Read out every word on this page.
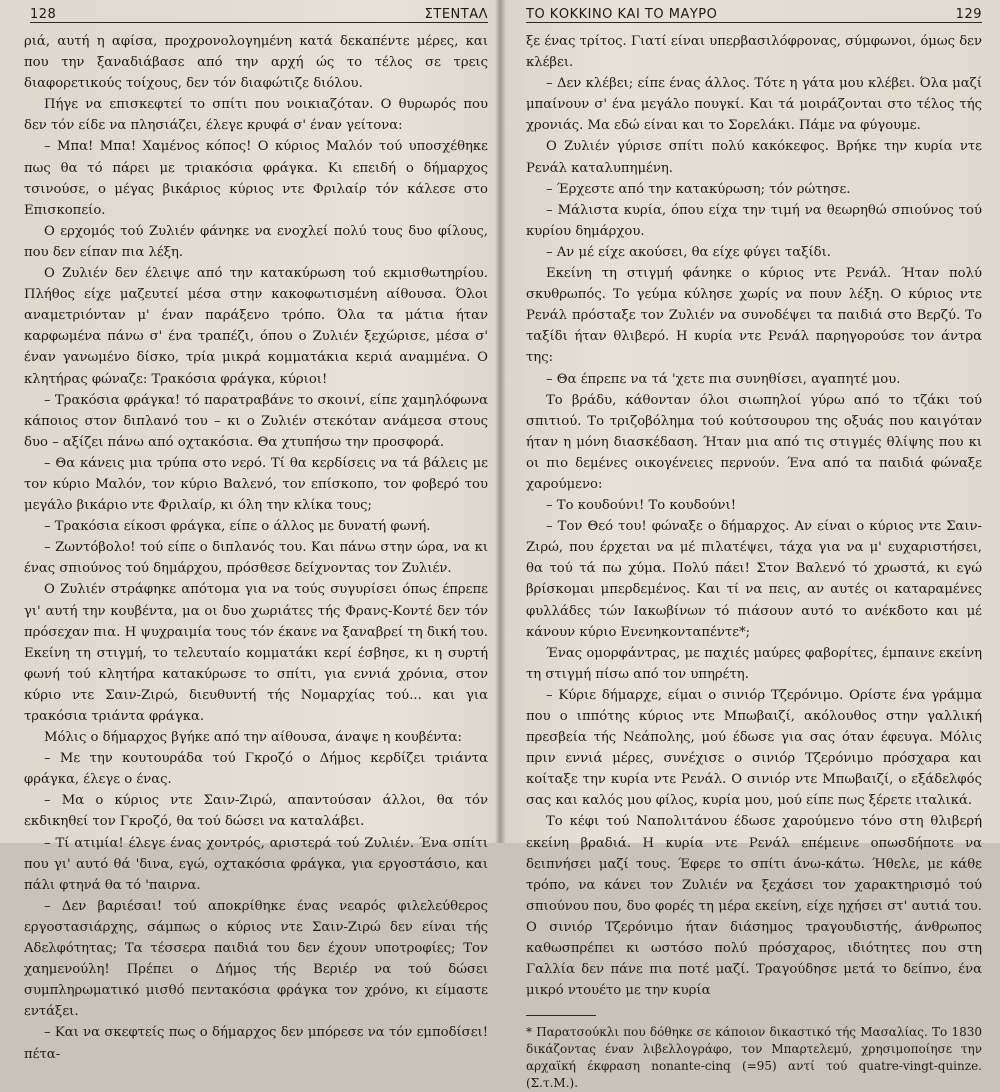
128	ΣΤΕΝΤΑΛ

ριά, αυτή η αφίσα, προχρονολογημένη κατά δεκαπέντε μέρες, και που την ξαναδιάβασε από την αρχή ώς το τέλος σε τρεις διαφορετικούς τοίχους, δεν τόν διαφώτιζε διόλου.

Πήγε να επισκεφτεί το σπίτι που νοικιαζόταν. Ο θυρωρός που δεν τόν είδε να πλησιάζει, έλεγε κρυφά σ' έναν γείτονα:

– Μπα! Μπα! Χαμένος κόπος! Ο κύριος Μαλόν τού υποσχέθηκε πως θα τό πάρει με τριακόσια φράγκα. Κι επειδή ο δήμαρχος τσινούσε, ο μέγας βικάριος κύριος ντε Φριλαίρ τόν κάλεσε στο Επισκοπείο.

Ο ερχομός τού Ζυλιέν φάνηκε να ενοχλεί πολύ τους δυο φίλους, που δεν είπαν πια λέξη.

Ο Ζυλιέν δεν έλειψε από την κατακύρωση τού εκμισθωτηρίου. Πλήθος είχε μαζευτεί μέσα στην κακοφωτισμένη αίθουσα. Όλοι αναμετριόνταν μ' έναν παράξενο τρόπο. Όλα τα μάτια ήταν καρφωμένα πάνω σ' ένα τραπέζι, όπου ο Ζυλιέν ξεχώρισε, μέσα σ' έναν γανωμένο δίσκο, τρία μικρά κομματάκια κεριά αναμμένα. Ο κλητήρας φώναζε: Τρακόσια φράγκα, κύριοι!

– Τρακόσια φράγκα! τό παρατραβάνε το σκοινί, είπε χαμηλόφωνα κάποιος στον διπλανό του – κι ο Ζυλιέν στεκόταν ανάμεσα στους δυο – αξίζει πάνω από οχτακόσια. Θα χτυπήσω την προσφορά.

– Θα κάνεις μια τρύπα στο νερό. Τί θα κερδίσεις να τά βάλεις με τον κύριο Μαλόν, τον κύριο Βαλενό, τον επίσκοπο, τον φοβερό του μεγάλο βικάριο ντε Φριλαίρ, κι όλη την κλίκα τους;

– Τρακόσια είκοσι φράγκα, είπε ο άλλος με δυνατή φωνή.

– Ζωντόβολο! τού είπε ο διπλανός του. Και πάνω στην ώρα, να κι ένας σπιούνος τού δημάρχου, πρόσθεσε δείχνοντας τον Ζυλιέν.

Ο Ζυλιέν στράφηκε απότομα για να τούς συγυρίσει όπως έπρεπε γι' αυτή την κουβέντα, μα οι δυο χωριάτες τής Φρανς-Κοντέ δεν τόν πρόσεχαν πια. Η ψυχραιμία τους τόν έκανε να ξαναβρεί τη δική του. Εκείνη τη στιγμή, το τελευταίο κομματάκι κερί έσβησε, κι η συρτή φωνή τού κλητήρα κατακύρωσε το σπίτι, για εννιά χρόνια, στον κύριο ντε Σαιν-Ζιρώ, διευθυντή τής Νομαρχίας τού... και για τρακόσια τριάντα φράγκα.

Μόλις ο δήμαρχος βγήκε από την αίθουσα, άναψε η κουβέντα:

– Με την κουτουράδα τού Γκροζό ο Δήμος κερδίζει τριάντα φράγκα, έλεγε ο ένας.

– Μα ο κύριος ντε Σαιν-Ζιρώ, απαντούσαν άλλοι, θα τόν εκδικηθεί τον Γκροζό, θα τού δώσει να καταλάβει.

– Τί ατιμία! έλεγε ένας χοντρός, αριστερά τού Ζυλιέν. Ένα σπίτι που γι' αυτό θά 'δινα, εγώ, οχτακόσια φράγκα, για εργοστάσιο, και πάλι φτηνά θα τό 'παιρνα.

– Δεν βαριέσαι! τού αποκρίθηκε ένας νεαρός φιλελεύθερος εργοστασιάρχης, σάμπως ο κύριος ντε Σαιν-Ζιρώ δεν είναι τής Αδελφότητας; Τα τέσσερα παιδιά του δεν έχουν υποτροφίες; Τον χαημενούλη! Πρέπει ο Δήμος τής Βεριέρ να τού δώσει συμπληρωματικό μισθό πεντακόσια φράγκα τον χρόνο, κι είμαστε εντάξει.

– Και να σκεφτείς πως ο δήμαρχος δεν μπόρεσε να τόν εμποδίσει! πέτα-

ΤΟ ΚΟΚΚΙΝΟ ΚΑΙ ΤΟ ΜΑΥΡΟ	129

ξε ένας τρίτος. Γιατί είναι υπερβασιλόφρονας, σύμφωνοι, όμως δεν κλέβει.

– Δεν κλέβει; είπε ένας άλλος. Τότε η γάτα μου κλέβει. Όλα μαζί μπαίνουν σ' ένα μεγάλο πουγκί. Και τά μοιράζονται στο τέλος τής χρονιάς. Μα εδώ είναι και το Σορελάκι. Πάμε να φύγουμε.

Ο Ζυλιέν γύρισε σπίτι πολύ κακόκεφος. Βρήκε την κυρία ντε Ρενάλ καταλυπημένη.

– Έρχεστε από την κατακύρωση; τόν ρώτησε.

– Μάλιστα κυρία, όπου είχα την τιμή να θεωρηθώ σπιούνος τού κυρίου δημάρχου.

– Αν μέ είχε ακούσει, θα είχε φύγει ταξίδι.

Εκείνη τη στιγμή φάνηκε ο κύριος ντε Ρενάλ. Ήταν πολύ σκυθρωπός. Το γεύμα κύλησε χωρίς να πουν λέξη. Ο κύριος ντε Ρενάλ πρόσταξε τον Ζυλιέν να συνοδέψει τα παιδιά στο Βερζύ. Το ταξίδι ήταν θλιβερό. Η κυρία ντε Ρενάλ παρηγορούσε τον άντρα της:

– Θα έπρεπε να τά 'χετε πια συνηθίσει, αγαπητέ μου.

Το βράδυ, κάθονταν όλοι σιωπηλοί γύρω από το τζάκι τού σπιτιού. Το τριζοβόλημα τού κούτσουρου της οξυάς που καιγόταν ήταν η μόνη διασκέδαση. Ήταν μια από τις στιγμές θλίψης που κι οι πιο δεμένες οικογένειες περνούν. Ένα από τα παιδιά φώναξε χαρούμενο:

– Το κουδούνι! Το κουδούνι!

– Τον Θεό του! φώναξε ο δήμαρχος. Αν είναι ο κύριος ντε Σαιν-Ζιρώ, που έρχεται να μέ πιλατέψει, τάχα για να μ' ευχαριστήσει, θα τού τά πω χύμα. Πολύ πάει! Στον Βαλενό τό χρωστά, κι εγώ βρίσκομαι μπερδεμένος. Και τί να πεις, αν αυτές οι καταραμένες φυλλάδες τών Ιακωβίνων τό πιάσουν αυτό το ανέκδοτο και μέ κάνουν κύριο Ενενηκονταπέντε*;

Ένας ομορφάντρας, με παχιές μαύρες φαβορίτες, έμπαινε εκείνη τη στιγμή πίσω από τον υπηρέτη.

– Κύριε δήμαρχε, είμαι ο σινιόρ Τζερόνιμο. Ορίστε ένα γράμμα που ο ιππότης κύριος ντε Μπωβαιζί, ακόλουθος στην γαλλική πρεσβεία τής Νεάπολης, μού έδωσε για σας όταν έφευγα. Μόλις πριν εννιά μέρες, συνέχισε ο σινιόρ Τζερόνιμο πρόσχαρα και κοίταξε την κυρία ντε Ρενάλ. Ο σινιόρ ντε Μπωβαιζί, ο εξάδελφός σας και καλός μου φίλος, κυρία μου, μού είπε πως ξέρετε ιταλικά.

Το κέφι τού Ναπολιτάνου έδωσε χαρούμενο τόνο στη θλιβερή εκείνη βραδιά. Η κυρία ντε Ρενάλ επέμεινε οπωσδήποτε να δειπνήσει μαζί τους. Έφερε το σπίτι άνω-κάτω. Ήθελε, με κάθε τρόπο, να κάνει τον Ζυλιέν να ξεχάσει τον χαρακτηρισμό τού σπιούνου που, δυο φορές τη μέρα εκείνη, είχε ηχήσει στ' αυτιά του. Ο σινιόρ Τζερόνιμο ήταν διάσημος τραγουδιστής, άνθρωπος καθωσπρέπει κι ωστόσο πολύ πρόσχαρος, ιδιότητες που στη Γαλλία δεν πάνε πια ποτέ μαζί. Τραγούδησε μετά το δείπνο, ένα μικρό ντουέτο με την κυρία

* Παρατσούκλι που δόθηκε σε κάποιον δικαστικό τής Μασαλίας. Το 1830 δικάζοντας έναν λιβελλογράφο, τον Μπαρτελεμύ, χρησιμοποίησε την αρχαϊκή έκφραση nonante-cinq (=95) αντί τού quatre-vingt-quinze. (Σ.τ.Μ.).
